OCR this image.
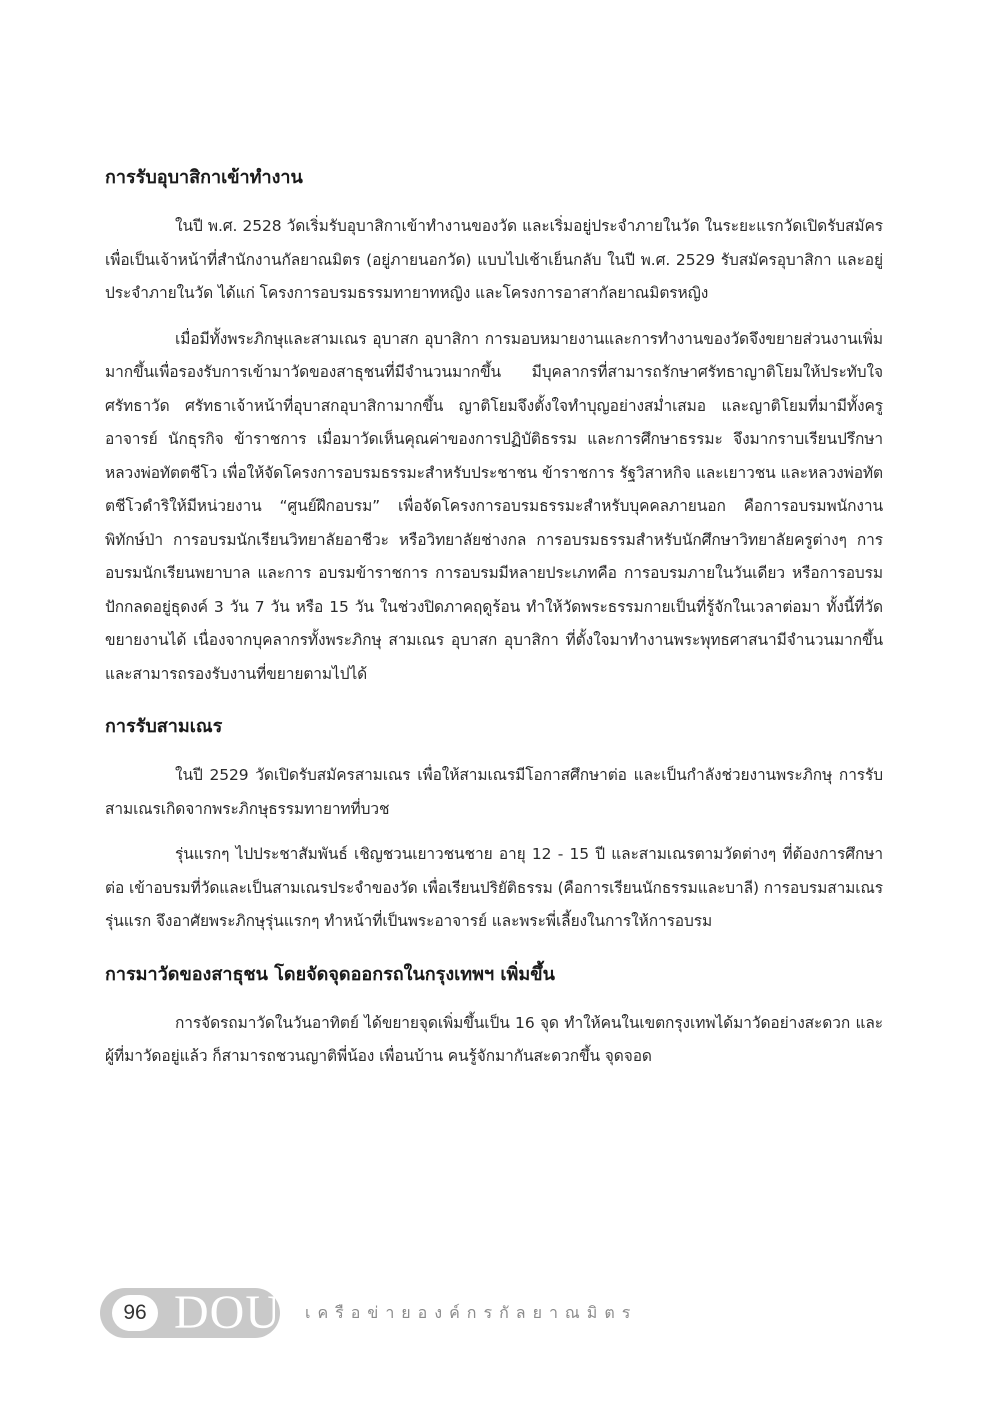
การรับอุบาสิกาเข้าทำงาน

ในปี พ.ศ. 2528 วัดเริ่มรับอุบาสิกาเข้าทำงานของวัด และเริ่มอยู่ประจำภายในวัด ในระยะแรกวัดเปิดรับสมัครเพื่อเป็นเจ้าหน้าที่สำนักงานกัลยาณมิตร (อยู่ภายนอกวัด) แบบไปเช้าเย็นกลับ ในปี พ.ศ. 2529 รับสมัครอุบาสิกา และอยู่ประจำภายในวัด ได้แก่ โครงการอบรมธรรมทายาทหญิง และโครงการอาสากัลยาณมิตรหญิง

เมื่อมีทั้งพระภิกษุและสามเณร อุบาสก อุบาสิกา การมอบหมายงานและการทำงานของวัดจึงขยายส่วนงานเพิ่มมากขึ้นเพื่อรองรับการเข้ามาวัดของสาธุชนที่มีจำนวนมากขึ้น มีบุคลากรที่สามารถรักษาศรัทธาญาติโยมให้ประทับใจ ศรัทธาวัด ศรัทธาเจ้าหน้าที่อุบาสกอุบาสิกามากขึ้น ญาติโยมจึงตั้งใจทำบุญอย่างสม่ำเสมอ และญาติโยมที่มามีทั้งครูอาจารย์ นักธุรกิจ ข้าราชการ เมื่อมาวัดเห็นคุณค่าของการปฏิบัติธรรม และการศึกษาธรรมะ จึงมากราบเรียนปรึกษาหลวงพ่อทัตตชีโว เพื่อให้จัดโครงการอบรมธรรมะสำหรับประชาชน ข้าราชการ รัฐวิสาหกิจ และเยาวชน และหลวงพ่อทัตตชีโวดำริให้มีหน่วยงาน “ศูนย์ฝึกอบรม” เพื่อจัดโครงการอบรมธรรมะสำหรับบุคคลภายนอก คือการอบรมพนักงานพิทักษ์ป่า การอบรมนักเรียนวิทยาลัยอาชีวะ หรือวิทยาลัยช่างกล การอบรมธรรมสำหรับนักศึกษาวิทยาลัยครูต่างๆ การอบรมนักเรียนพยาบาล และการ อบรมข้าราชการ การอบรมมีหลายประเภทคือ การอบรมภายในวันเดียว หรือการอบรมปักกลดอยู่ธุดงค์ 3 วัน 7 วัน หรือ 15 วัน ในช่วงปิดภาคฤดูร้อน ทำให้วัดพระธรรมกายเป็นที่รู้จักในเวลาต่อมา ทั้งนี้ที่วัดขยายงานได้ เนื่องจากบุคลากรทั้งพระภิกษุ สามเณร อุบาสก อุบาสิกา ที่ตั้งใจมาทำงานพระพุทธศาสนามีจำนวนมากขึ้น และสามารถรองรับงานที่ขยายตามไปได้

การรับสามเณร

ในปี 2529 วัดเปิดรับสมัครสามเณร เพื่อให้สามเณรมีโอกาสศึกษาต่อ และเป็นกำลังช่วยงานพระภิกษุ การรับสามเณรเกิดจากพระภิกษุธรรมทายาทที่บวช

รุ่นแรกๆ ไปประชาสัมพันธ์ เชิญชวนเยาวชนชาย อายุ 12 - 15 ปี และสามเณรตามวัดต่างๆ ที่ต้องการศึกษาต่อ เข้าอบรมที่วัดและเป็นสามเณรประจำของวัด เพื่อเรียนปริยัติธรรม (คือการเรียนนักธรรมและบาลี) การอบรมสามเณรรุ่นแรก จึงอาศัยพระภิกษุรุ่นแรกๆ ทำหน้าที่เป็นพระอาจารย์ และพระพี่เลี้ยงในการให้การอบรม

การมาวัดของสาธุชน โดยจัดจุดออกรถในกรุงเทพฯ เพิ่มขึ้น

การจัดรถมาวัดในวันอาทิตย์ ได้ขยายจุดเพิ่มขึ้นเป็น 16 จุด ทำให้คนในเขตกรุงเทพได้มาวัดอย่างสะดวก และผู้ที่มาวัดอยู่แล้ว ก็สามารถชวนญาติพี่น้อง เพื่อนบ้าน คนรู้จักมากันสะดวกขึ้น จุดจอด

96 DOU เครือข่ายองค์กรกัลยาณมิตร
